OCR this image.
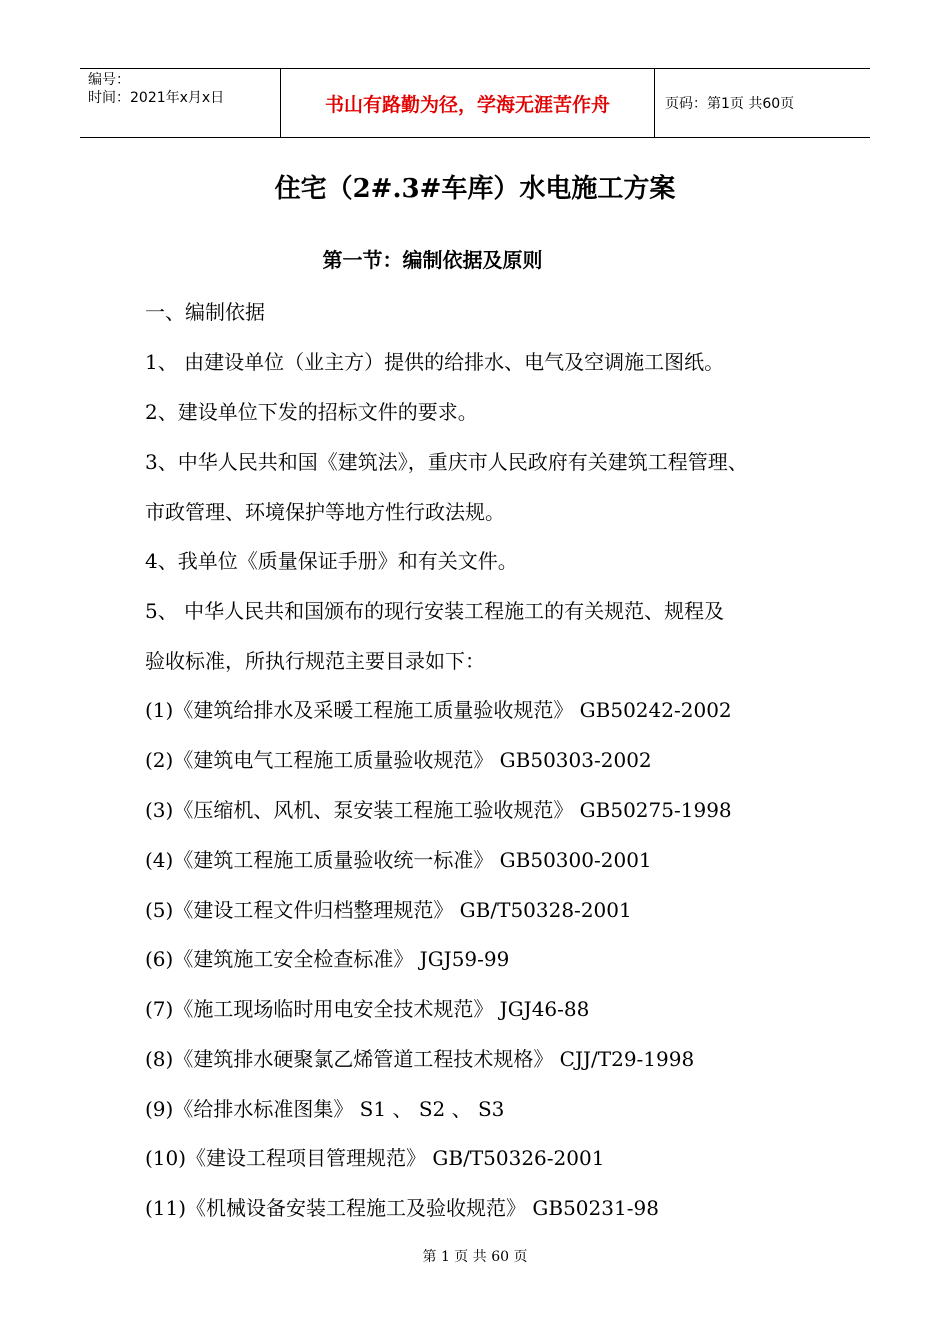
编号：
时间：2021年x月x日	书山有路勤为径，学海无涯苦作舟	页码：第1页 共60页
住宅（2#.3#车库）水电施工方案
第一节：编制依据及原则
一、编制依据
1、 由建设单位（业主方）提供的给排水、电气及空调施工图纸。
2、建设单位下发的招标文件的要求。
3、中华人民共和国《建筑法》，重庆市人民政府有关建筑工程管理、
市政管理、环境保护等地方性行政法规。
4、我单位《质量保证手册》和有关文件。
5、 中华人民共和国颁布的现行安装工程施工的有关规范、规程及
验收标准，所执行规范主要目录如下：
(1)《建筑给排水及采暖工程施工质量验收规范》 GB50242-2002
(2)《建筑电气工程施工质量验收规范》 GB50303-2002
(3)《压缩机、风机、泵安装工程施工验收规范》 GB50275-1998
(4)《建筑工程施工质量验收统一标准》 GB50300-2001
(5)《建设工程文件归档整理规范》 GB/T50328-2001
(6)《建筑施工安全检查标准》 JGJ59-99
(7)《施工现场临时用电安全技术规范》 JGJ46-88
(8)《建筑排水硬聚氯乙烯管道工程技术规格》 CJJ/T29-1998
(9)《给排水标准图集》 S1 、 S2 、 S3
(10)《建设工程项目管理规范》 GB/T50326-2001
(11)《机械设备安装工程施工及验收规范》 GB50231-98
第 1 页 共 60 页
